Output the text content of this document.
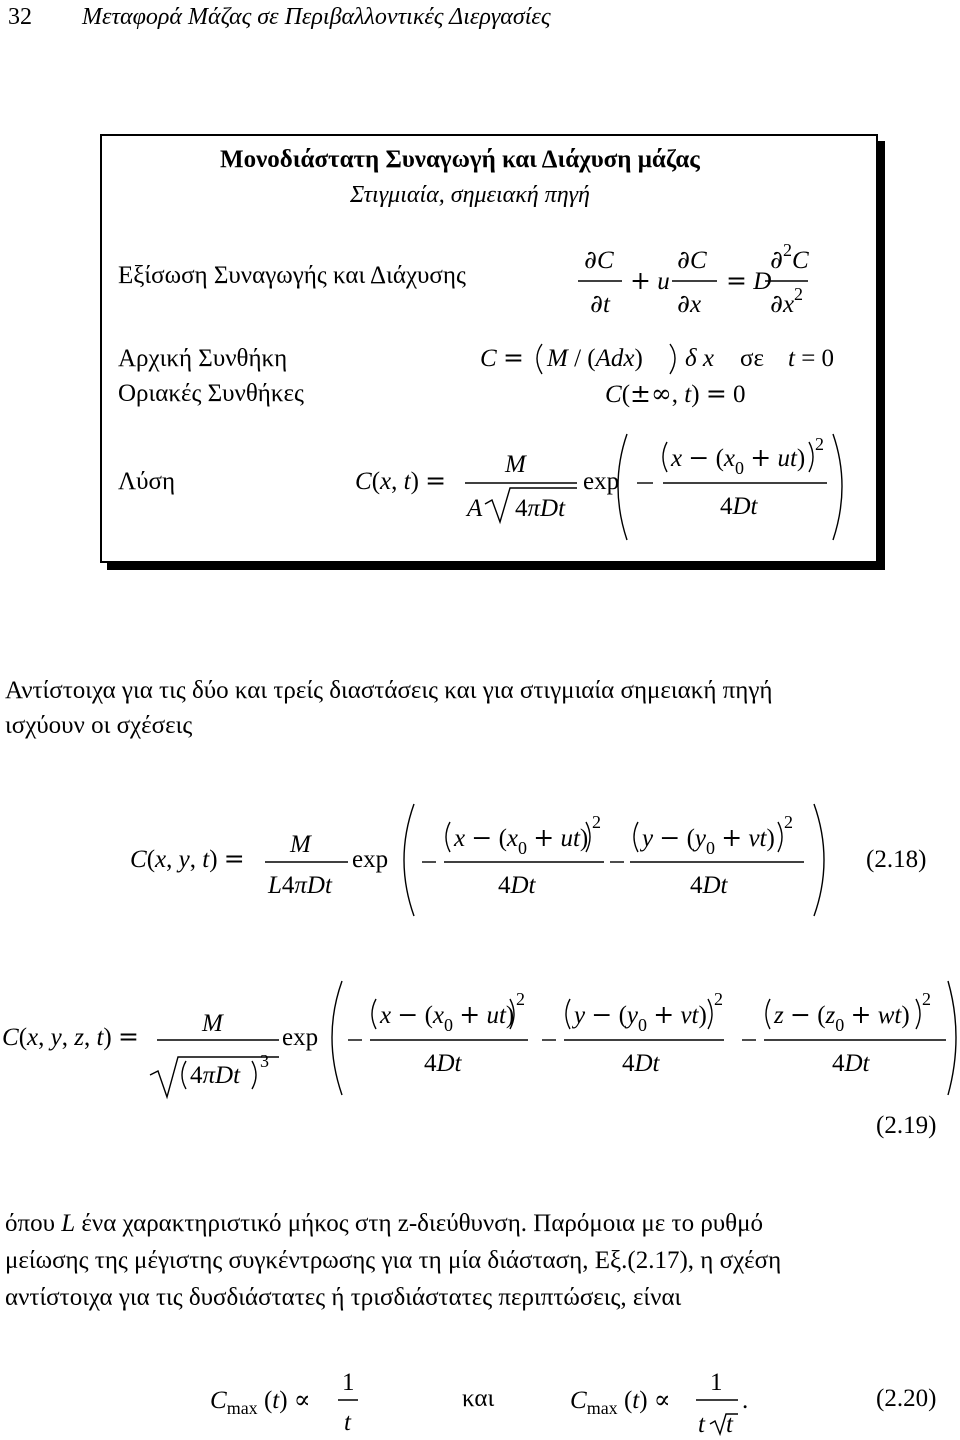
32 Μεταφορά Μάζας σε Περιβαλλοντικές Διεργασίες
Μονοδιάστατη Συναγωγή και Διάχυση μάζας
Στιγμιαία, σημειακή πηγή
Εξίσωση Συναγωγής και Διάχυσης
Αρχική Συνθήκη
Οριακές Συνθήκες
Λύση
∂C
∂t
+ u
∂C
∂x
= D
∂$^2$C
$\partial x^2$
C = M / (Adx) δ x σε t = 0
C(±∞, t) = 0
C(x, t) =
M
A 4πDt
exp
$x - (x_0 + ut)$
2
4Dt
Αντίστοιχα για τις δύο και τρείς διαστάσεις και για στιγμιαία σημειακή πηγή
ισχύουν οι σχέσεις
C(x, y, t) = M
L4πDt
exp
$x - (x_0 + ut)$
2
4Dt
$y - (y_0 + vt)$
2
4Dt
(2.18)
C(x, y, z, t) =	M
4πDt
3
exp
$x - (x_0 + ut)$
2
4Dt
$y - (y_0 + vt)$
2
4Dt
$z - (z_0 + wt)$
2
4Dt
(2.19)
όπου L ένα χαρακτηριστικό μήκος στη z-διεύθυνση. Παρόμοια με το ρυθμό
μείωσης της μέγιστης συγκέντρωσης για τη μία διάσταση, Εξ.(2.17), η σχέση
αντίστοιχα για τις δυσδιάστατες ή τρισδιάστατες περιπτώσεις, είναι
$C_{max}$ (t) ∝
1
t
και	$C_{max}$ (t) ∝
1
t t
.	(2.20)
